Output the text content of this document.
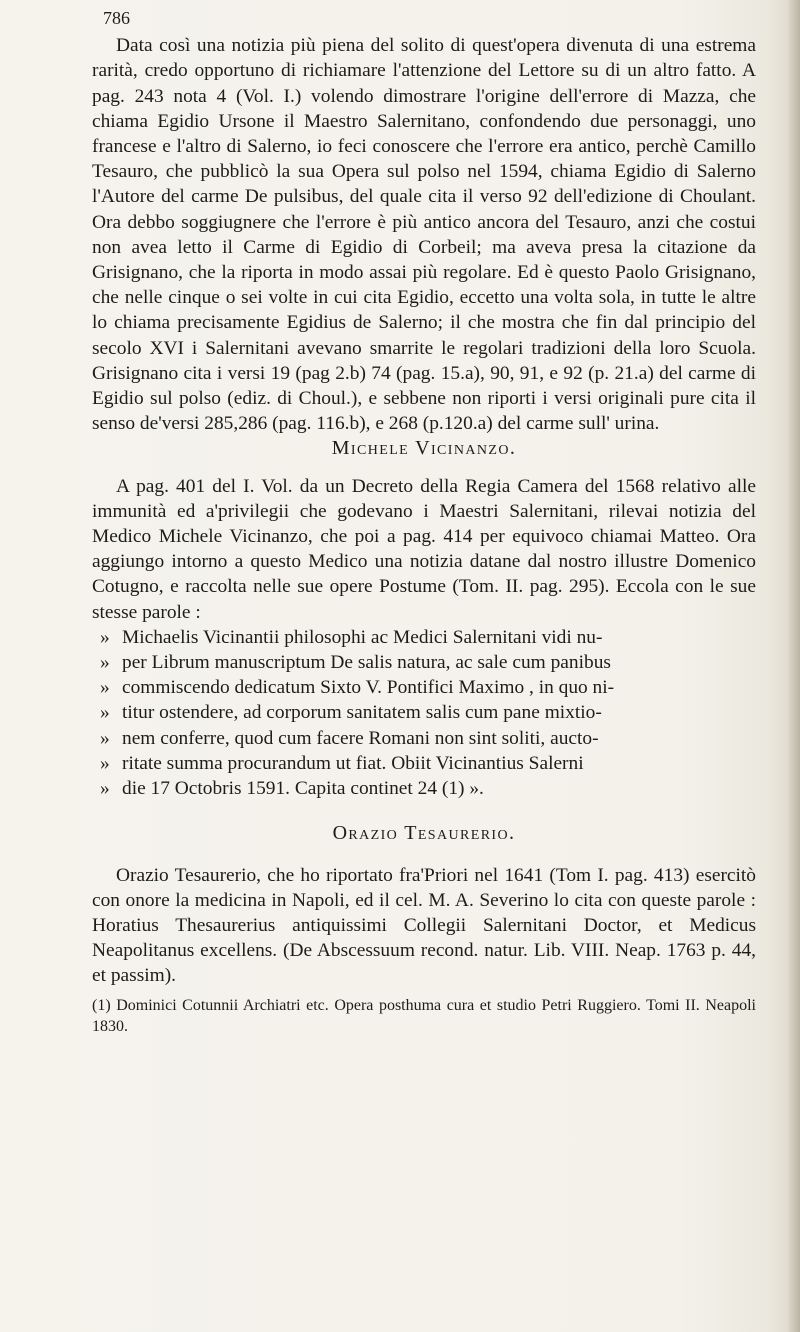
786

Data così una notizia più piena del solito di quest'opera divenuta di una estrema rarità, credo opportuno di richiamare l'attenzione del Lettore su di un altro fatto. A pag. 243 nota 4 (Vol. I.) volendo dimostrare l'origine dell'errore di Mazza, che chiama Egidio Ursone il Maestro Salernitano, confondendo due personaggi, uno francese e l'altro di Salerno, io feci conoscere che l'errore era antico, perchè Camillo Tesauro, che pubblicò la sua Opera sul polso nel 1594, chiama Egidio di Salerno l'Autore del carme De pulsibus, del quale cita il verso 92 dell'edizione di Choulant. Ora debbo soggiugnere che l'errore è più antico ancora del Tesauro, anzi che costui non avea letto il Carme di Egidio di Corbeil; ma aveva presa la citazione da Grisignano, che la riporta in modo assai più regolare. Ed è questo Paolo Grisignano, che nelle cinque o sei volte in cui cita Egidio, eccetto una volta sola, in tutte le altre lo chiama precisamente Egidius de Salerno; il che mostra che fin dal principio del secolo XVI i Salernitani avevano smarrite le regolari tradizioni della loro Scuola. Grisignano cita i versi 19 (pag 2.b) 74 (pag. 15.a), 90, 91, e 92 (p. 21.a) del carme di Egidio sul polso (ediz. di Choul.), e sebbene non riporti i versi originali pure cita il senso de'versi 285,286 (pag. 116.b), e 268 (p.120.a) del carme sull' urina.

Michele Vicinanzo.

A pag. 401 del I. Vol. da un Decreto della Regia Camera del 1568 relativo alle immunità ed a'privilegii che godevano i Maestri Salernitani, rilevai notizia del Medico Michele Vicinanzo, che poi a pag. 414 per equivoco chiamai Matteo. Ora aggiungo intorno a questo Medico una notizia datane dal nostro illustre Domenico Cotugno, e raccolta nelle sue opere Postume (Tom. II. pag. 295). Eccola con le sue stesse parole :

» Michaelis Vicinantii philosophi ac Medici Salernitani vidi nu-
» per Librum manuscriptum De salis natura, ac sale cum panibus
» commiscendo dedicatum Sixto V. Pontifici Maximo , in quo ni-
» titur ostendere, ad corporum sanitatem salis cum pane mixtio-
» nem conferre, quod cum facere Romani non sint soliti, aucto-
» ritate summa procurandum ut fiat. Obiit Vicinantius Salerni
» die 17 Octobris 1591. Capita continet 24 (1) ».
Orazio Tesaurerio.

Orazio Tesaurerio, che ho riportato fra'Priori nel 1641 (Tom I. pag. 413) esercitò con onore la medicina in Napoli, ed il cel. M. A. Severino lo cita con queste parole : Horatius Thesaurerius antiquissimi Collegii Salernitani Doctor, et Medicus Neapolitanus excellens. (De Abscessuum recond. natur. Lib. VIII. Neap. 1763 p. 44, et passim).

(1) Dominici Cotunnii Archiatri etc. Opera posthuma cura et studio Petri Ruggiero. Tomi II. Neapoli 1830.
